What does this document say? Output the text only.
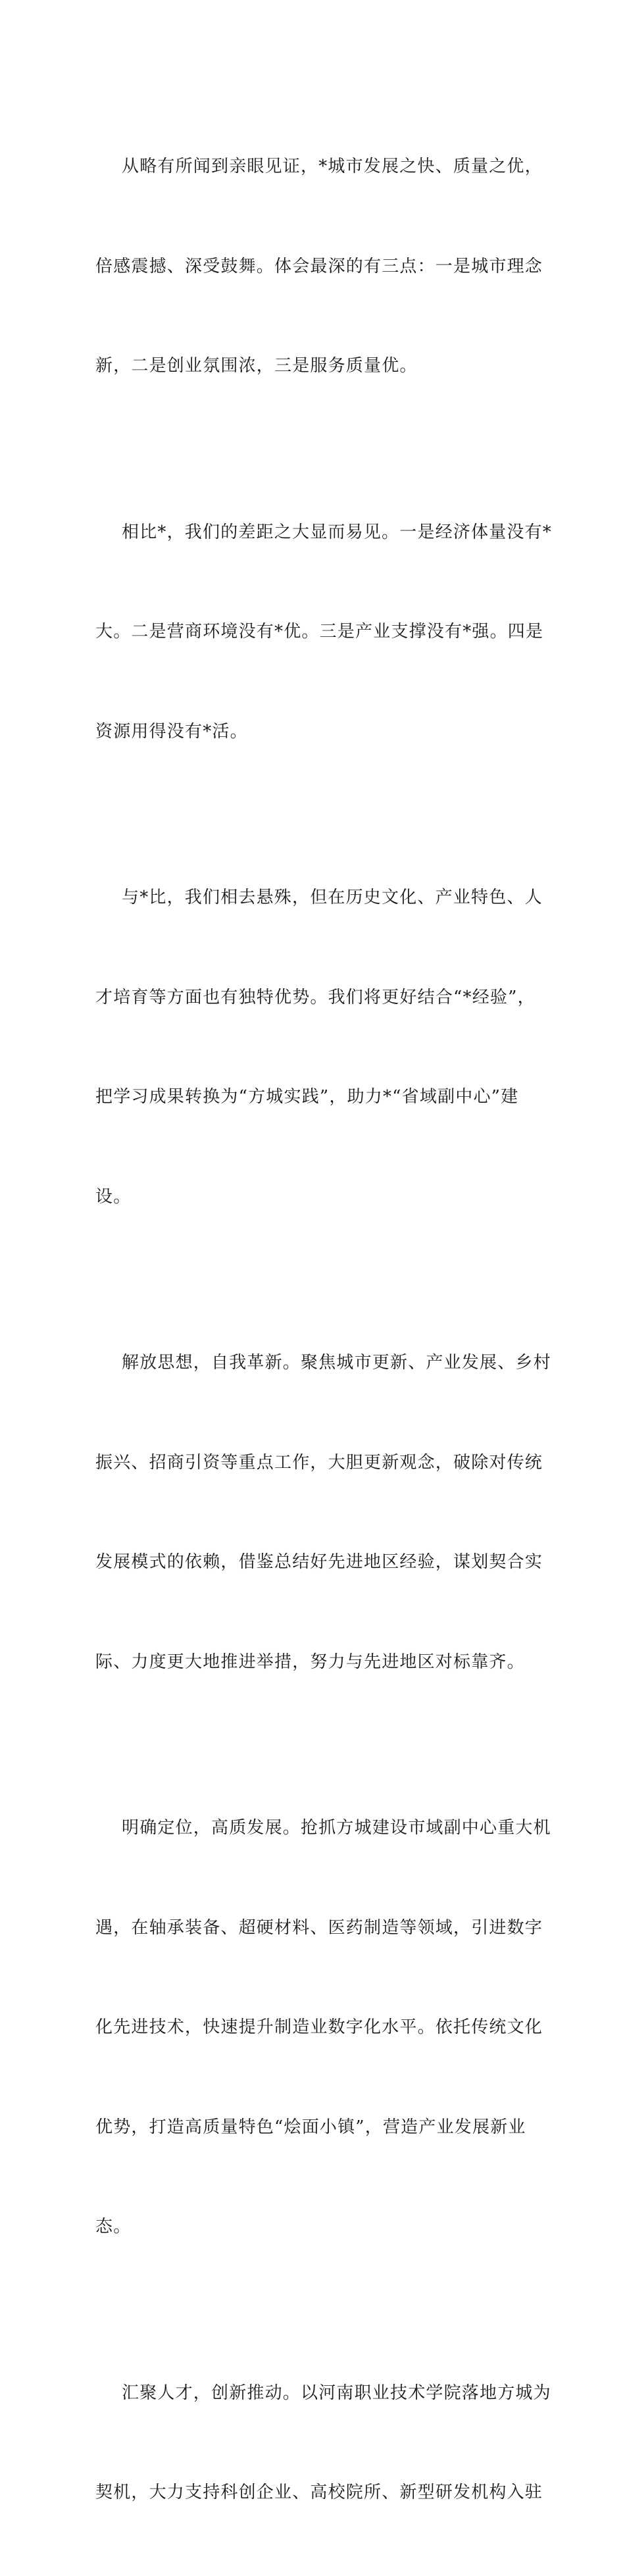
从略有所闻到亲眼见证，*城市发展之快、质量之优，

倍感震撼、深受鼓舞。体会最深的有三点：一是城市理念

新，二是创业氛围浓，三是服务质量优。

相比*，我们的差距之大显而易见。一是经济体量没有*

大。二是营商环境没有*优。三是产业支撑没有*强。四是

资源用得没有*活。

与*比，我们相去悬殊，但在历史文化、产业特色、人

才培育等方面也有独特优势。我们将更好结合“*经验”，

把学习成果转换为“方城实践”，助力*“省域副中心”建

设。

解放思想，自我革新。聚焦城市更新、产业发展、乡村

振兴、招商引资等重点工作，大胆更新观念，破除对传统

发展模式的依赖，借鉴总结好先进地区经验，谋划契合实

际、力度更大地推进举措，努力与先进地区对标靠齐。

明确定位，高质发展。抢抓方城建设市域副中心重大机

遇，在轴承装备、超硬材料、医药制造等领域，引进数字

化先进技术，快速提升制造业数字化水平。依托传统文化

优势，打造高质量特色“烩面小镇”，营造产业发展新业

态。

汇聚人才，创新推动。以河南职业技术学院落地方城为

契机，大力支持科创企业、高校院所、新型研发机构入驻
